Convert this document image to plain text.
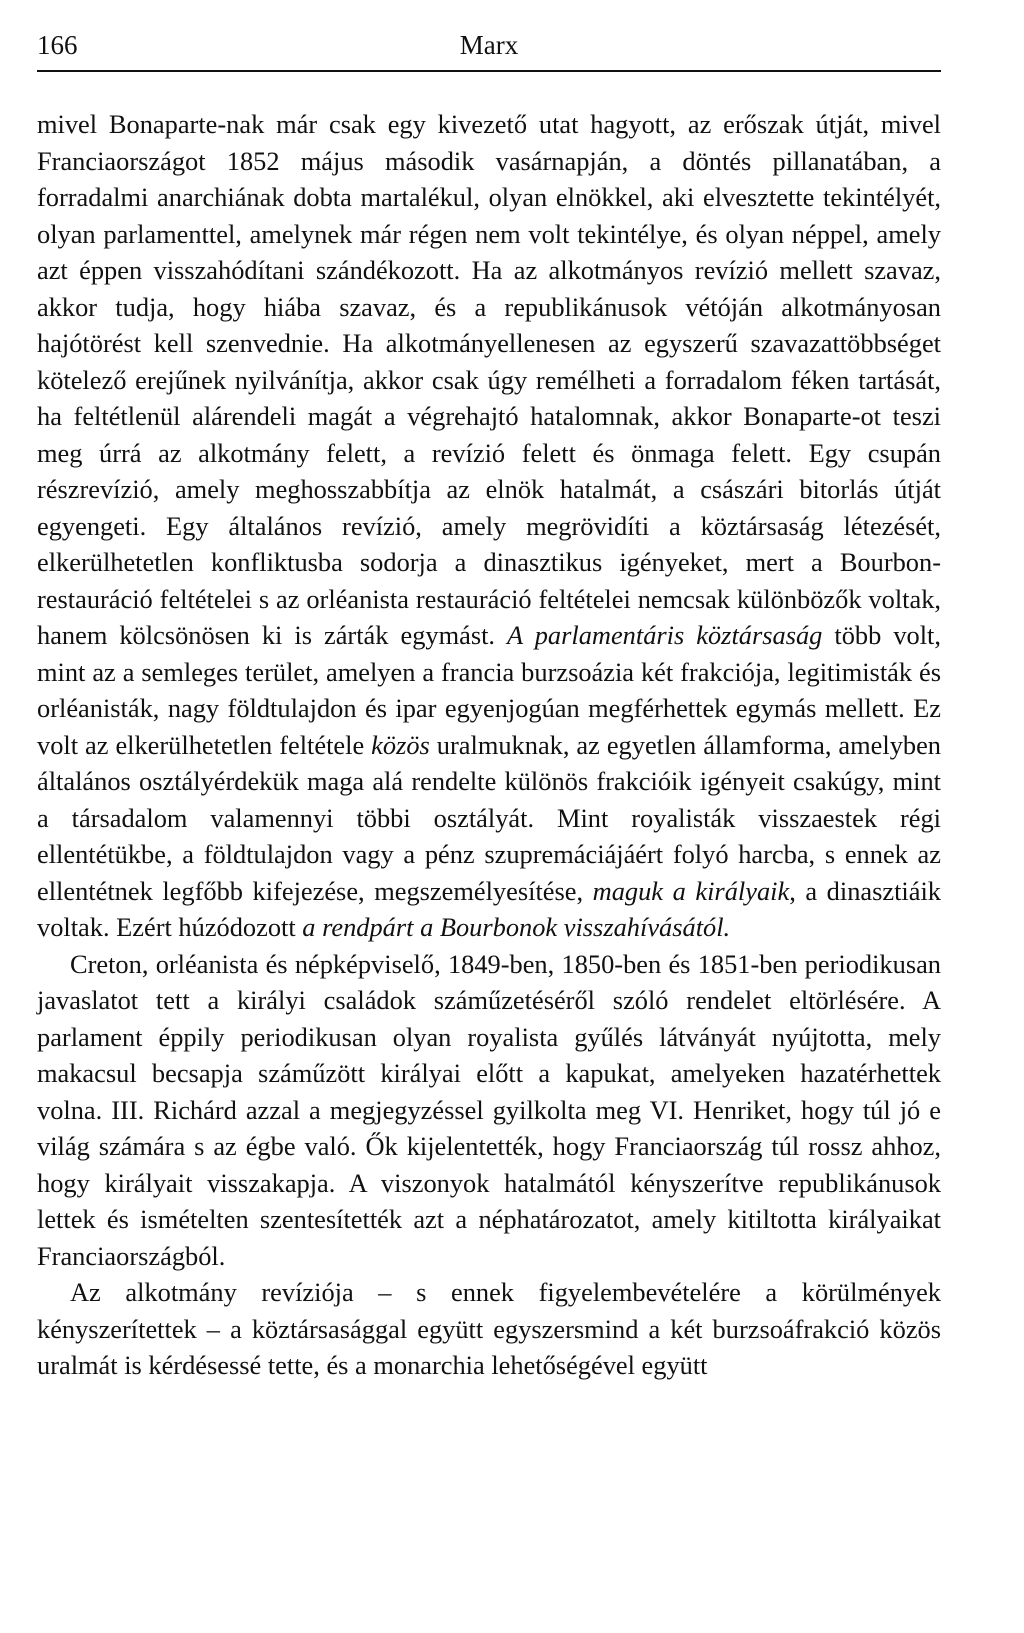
166	Marx

mivel Bonaparte-nak már csak egy kivezető utat hagyott, az erőszak útját, mivel Franciaországot 1852 május második vasárnapján, a döntés pillanatában, a forradalmi anarchiának dobta martalékul, olyan elnökkel, aki elvesztette tekintélyét, olyan parlamenttel, amelynek már régen nem volt tekintélye, és olyan néppel, amely azt éppen visszahódítani szándékozott. Ha az alkotmányos revízió mellett szavaz, akkor tudja, hogy hiába szavaz, és a republikánusok vétóján alkotmányosan hajótörést kell szenvednie. Ha alkotmányellenesen az egyszerű szavazattöbbséget kötelező erejűnek nyilvánítja, akkor csak úgy remélheti a forradalom féken tartását, ha feltétlenül alárendeli magát a végrehajtó hatalomnak, akkor Bonaparte-ot teszi meg úrrá az alkotmány felett, a revízió felett és önmaga felett. Egy csupán részrevízió, amely meghosszabbítja az elnök hatalmát, a császári bitorlás útját egyengeti. Egy általános revízió, amely megrövidíti a köztársaság létezését, elkerülhetetlen konfliktusba sodorja a dinasztikus igényeket, mert a Bourbon-restauráció feltételei s az orléanista restauráció feltételei nemcsak különbözők voltak, hanem kölcsönösen ki is zárták egymást. A parlamentáris köztársaság több volt, mint az a semleges terület, amelyen a francia burzsoázia két frakciója, legitimisták és orléanisták, nagy földtulajdon és ipar egyenjogúan megférhettek egymás mellett. Ez volt az elkerülhetetlen feltétele közös uralmuknak, az egyetlen államforma, amelyben általános osztályérdekük maga alá rendelte különös frakcióik igényeit csakúgy, mint a társadalom valamennyi többi osztályát. Mint royalisták visszaestek régi ellentétükbe, a földtulajdon vagy a pénz szupremáciájáért folyó harcba, s ennek az ellentétnek legfőbb kifejezése, megszemélyesítése, maguk a királyaik, a dinasztiáik voltak. Ezért húzódozott a rendpárt a Bourbonok visszahívásától.

Creton, orléanista és népképviselő, 1849-ben, 1850-ben és 1851-ben periodikusan javaslatot tett a királyi családok száműzetéséről szóló rendelet eltörlésére. A parlament éppily periodikusan olyan royalista gyűlés látványát nyújtotta, mely makacsul becsapja száműzött királyai előtt a kapukat, amelyeken hazatérhettek volna. III. Richárd azzal a megjegyzéssel gyilkolta meg VI. Henriket, hogy túl jó e világ számára s az égbe való. Ők kijelentették, hogy Franciaország túl rossz ahhoz, hogy királyait visszakapja. A viszonyok hatalmától kényszerítve republikánusok lettek és ismételten szentesítették azt a néphatározatot, amely kitiltotta királyaikat Franciaországból.

Az alkotmány revíziója – s ennek figyelembevételére a körülmények kényszerítettek – a köztársasággal együtt egyszersmind a két burzsoáfrakció közös uralmát is kérdésessé tette, és a monarchia lehetőségével együtt
